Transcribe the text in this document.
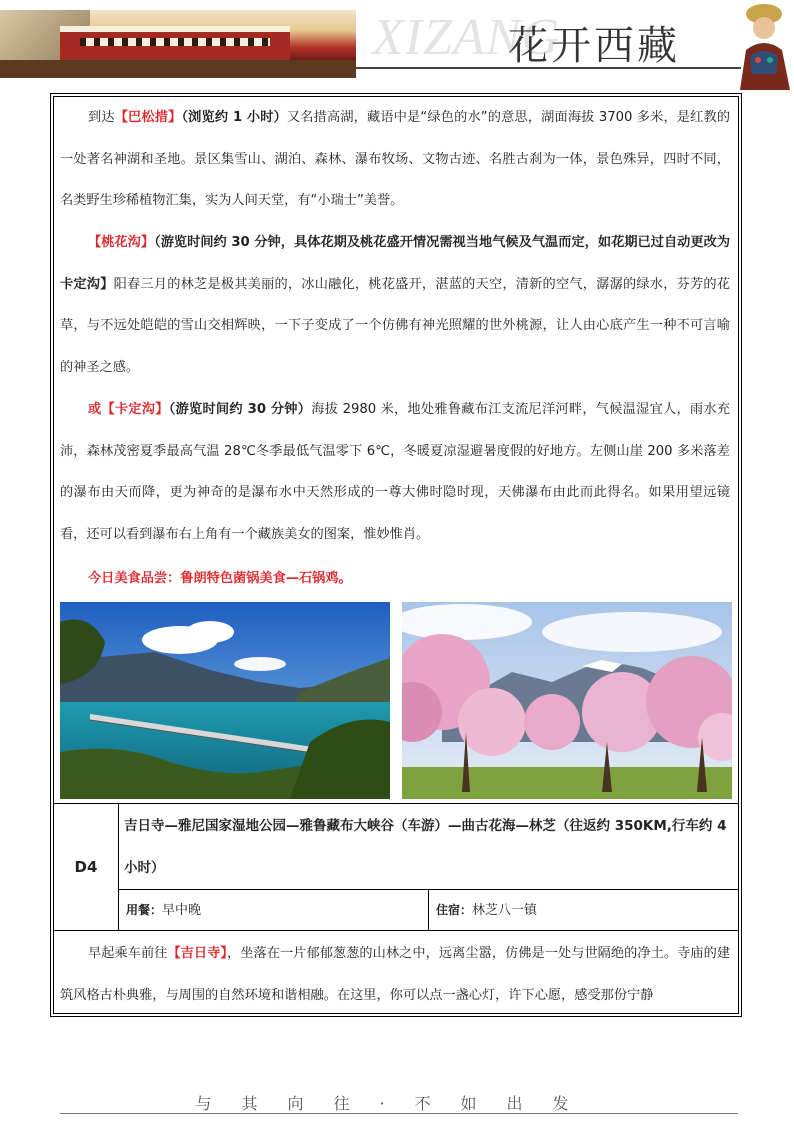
XIZANG
花开西藏

到达【巴松措】（浏览约 1 小时）又名措高湖，藏语中是“绿色的水”的意思，湖面海拔 3700 多米，是红教的一处著名神湖和圣地。景区集雪山、湖泊、森林、瀑布牧场、文物古迹、名胜古刹为一体，景色殊异，四时不同，名类野生珍稀植物汇集，实为人间天堂，有“小瑞士”美誉。

【桃花沟】（游览时间约 30 分钟，具体花期及桃花盛开情况需视当地气候及气温而定，如花期已过自动更改为卡定沟】阳春三月的林芝是极其美丽的，冰山融化，桃花盛开，湛蓝的天空，清新的空气，潺潺的绿水，芬芳的花草，与不远处皑皑的雪山交相辉映，一下子变成了一个仿佛有神光照耀的世外桃源，让人由心底产生一种不可言喻的神圣之感。

或【卡定沟】（游览时间约 30 分钟）海拔 2980 米，地处雅鲁藏布江支流尼洋河畔，气候温湿宜人，雨水充沛，森林茂密夏季最高气温 28℃冬季最低气温零下 6℃，冬暖夏凉湿避暑度假的好地方。左侧山崖 200 多米落差的瀑布由天而降，更为神奇的是瀑布水中天然形成的一尊大佛时隐时现，天佛瀑布由此而此得名。如果用望远镜看，还可以看到瀑布右上角有一个藏族美女的图案，惟妙惟肖。

今日美食品尝：鲁朗特色菌锅美食—石锅鸡。
D4
吉日寺—雅尼国家湿地公园—雅鲁藏布大峡谷（车游）—曲古花海—林芝（往返约 350KM,行车约 4 小时）
用餐：早中晚	住宿：林芝八一镇

早起乘车前往【吉日寺】，坐落在一片郁郁葱葱的山林之中，远离尘嚣，仿佛是一处与世隔绝的净土。寺庙的建筑风格古朴典雅，与周围的自然环境和谐相融。在这里，你可以点一盏心灯，许下心愿，感受那份宁静

与其向往·不如出发
